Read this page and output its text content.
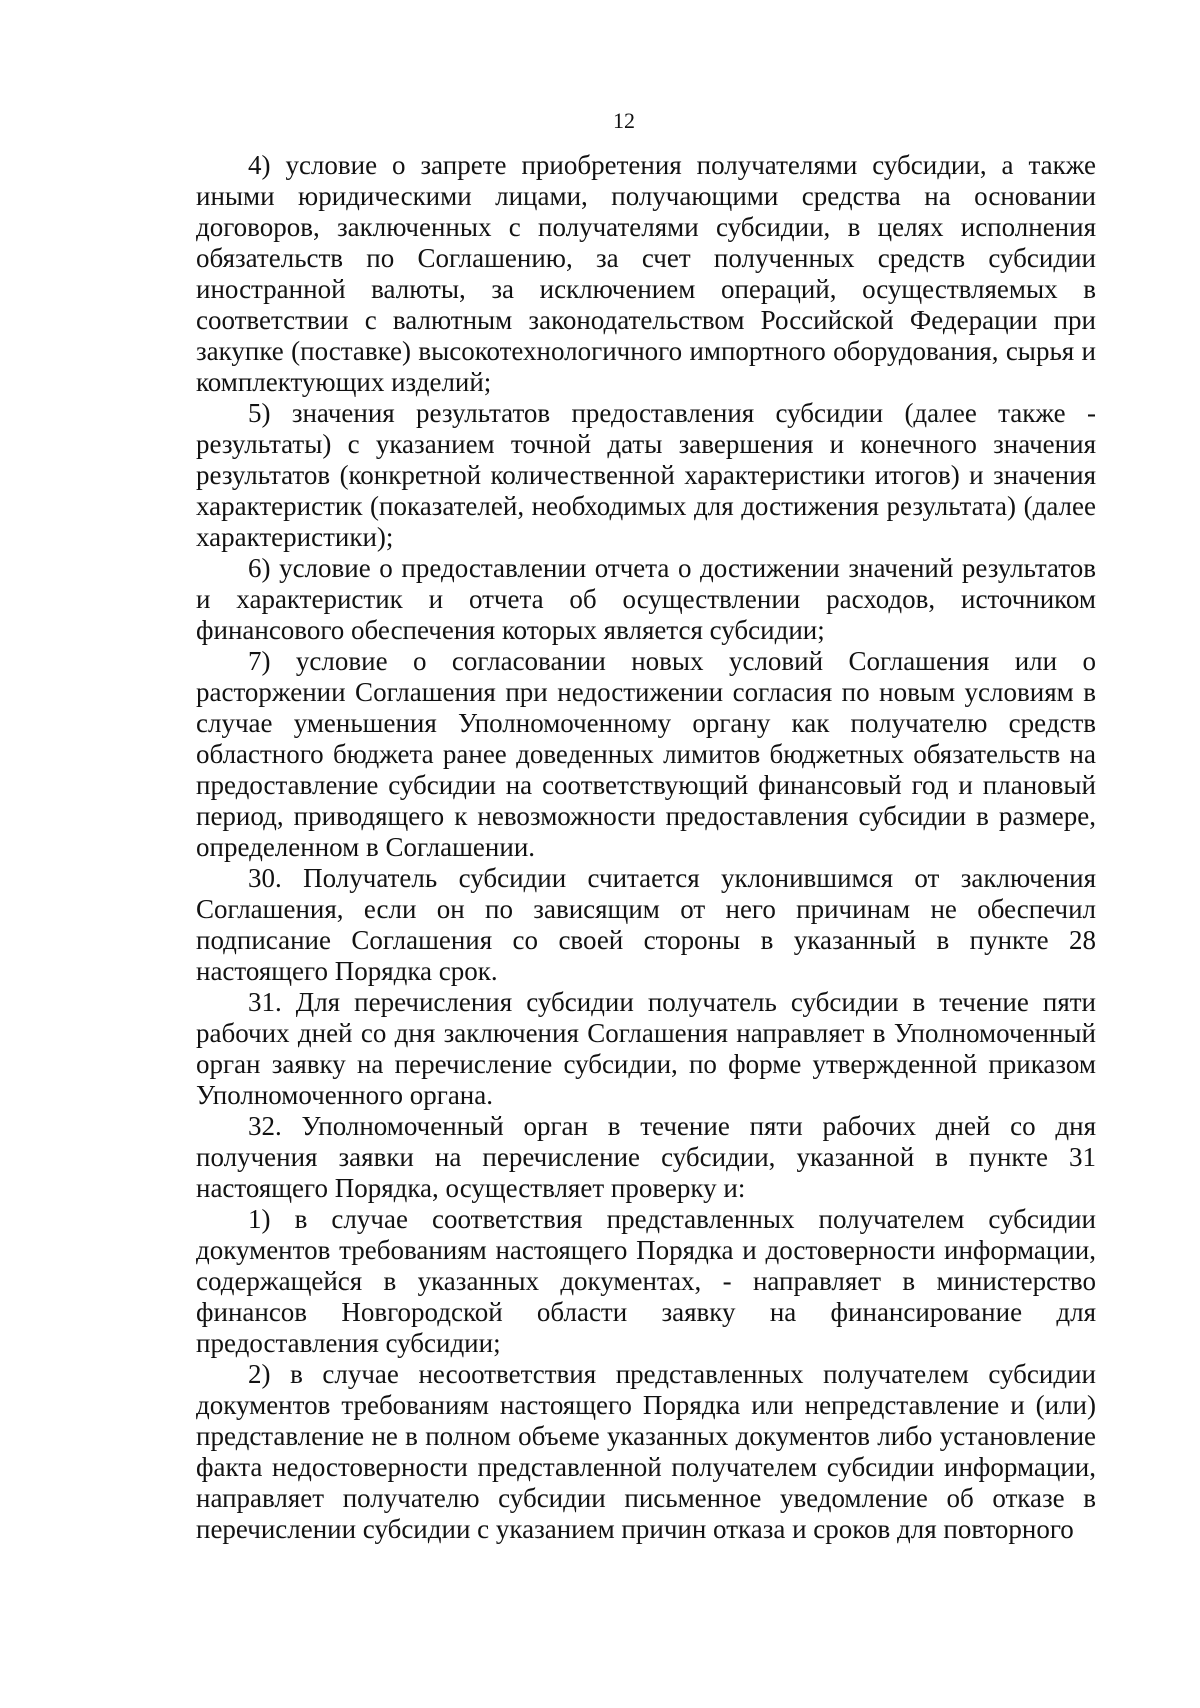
12

4) условие о запрете приобретения получателями субсидии, а также иными юридическими лицами, получающими средства на основании договоров, заключенных с получателями субсидии, в целях исполнения обязательств по Соглашению, за счет полученных средств субсидии иностранной валюты, за исключением операций, осуществляемых в соответствии с валютным законодательством Российской Федерации при закупке (поставке) высокотехнологичного импортного оборудования, сырья и комплектующих изделий;

5) значения результатов предоставления субсидии (далее также - результаты) с указанием точной даты завершения и конечного значения результатов (конкретной количественной характеристики итогов) и значения характеристик (показателей, необходимых для достижения результата) (далее характеристики);

6) условие о предоставлении отчета о достижении значений результатов и характеристик и отчета об осуществлении расходов, источником финансового обеспечения которых является субсидии;

7) условие о согласовании новых условий Соглашения или о расторжении Соглашения при недостижении согласия по новым условиям в случае уменьшения Уполномоченному органу как получателю средств областного бюджета ранее доведенных лимитов бюджетных обязательств на предоставление субсидии на соответствующий финансовый год и плановый период, приводящего к невозможности предоставления субсидии в размере, определенном в Соглашении.

30. Получатель субсидии считается уклонившимся от заключения Соглашения, если он по зависящим от него причинам не обеспечил подписание Соглашения со своей стороны в указанный в пункте 28 настоящего Порядка срок.

31. Для перечисления субсидии получатель субсидии в течение пяти рабочих дней со дня заключения Соглашения направляет в Уполномоченный орган заявку на перечисление субсидии, по форме утвержденной приказом Уполномоченного органа.

32. Уполномоченный орган в течение пяти рабочих дней со дня получения заявки на перечисление субсидии, указанной в пункте 31 настоящего Порядка, осуществляет проверку и:

1) в случае соответствия представленных получателем субсидии документов требованиям настоящего Порядка и достоверности информации, содержащейся в указанных документах, - направляет в министерство финансов Новгородской области заявку на финансирование для предоставления субсидии;

2) в случае несоответствия представленных получателем субсидии документов требованиям настоящего Порядка или непредставление и (или) представление не в полном объеме указанных документов либо установление факта недостоверности представленной получателем субсидии информации, направляет получателю субсидии письменное уведомление об отказе в перечислении субсидии с указанием причин отказа и сроков для повторного
